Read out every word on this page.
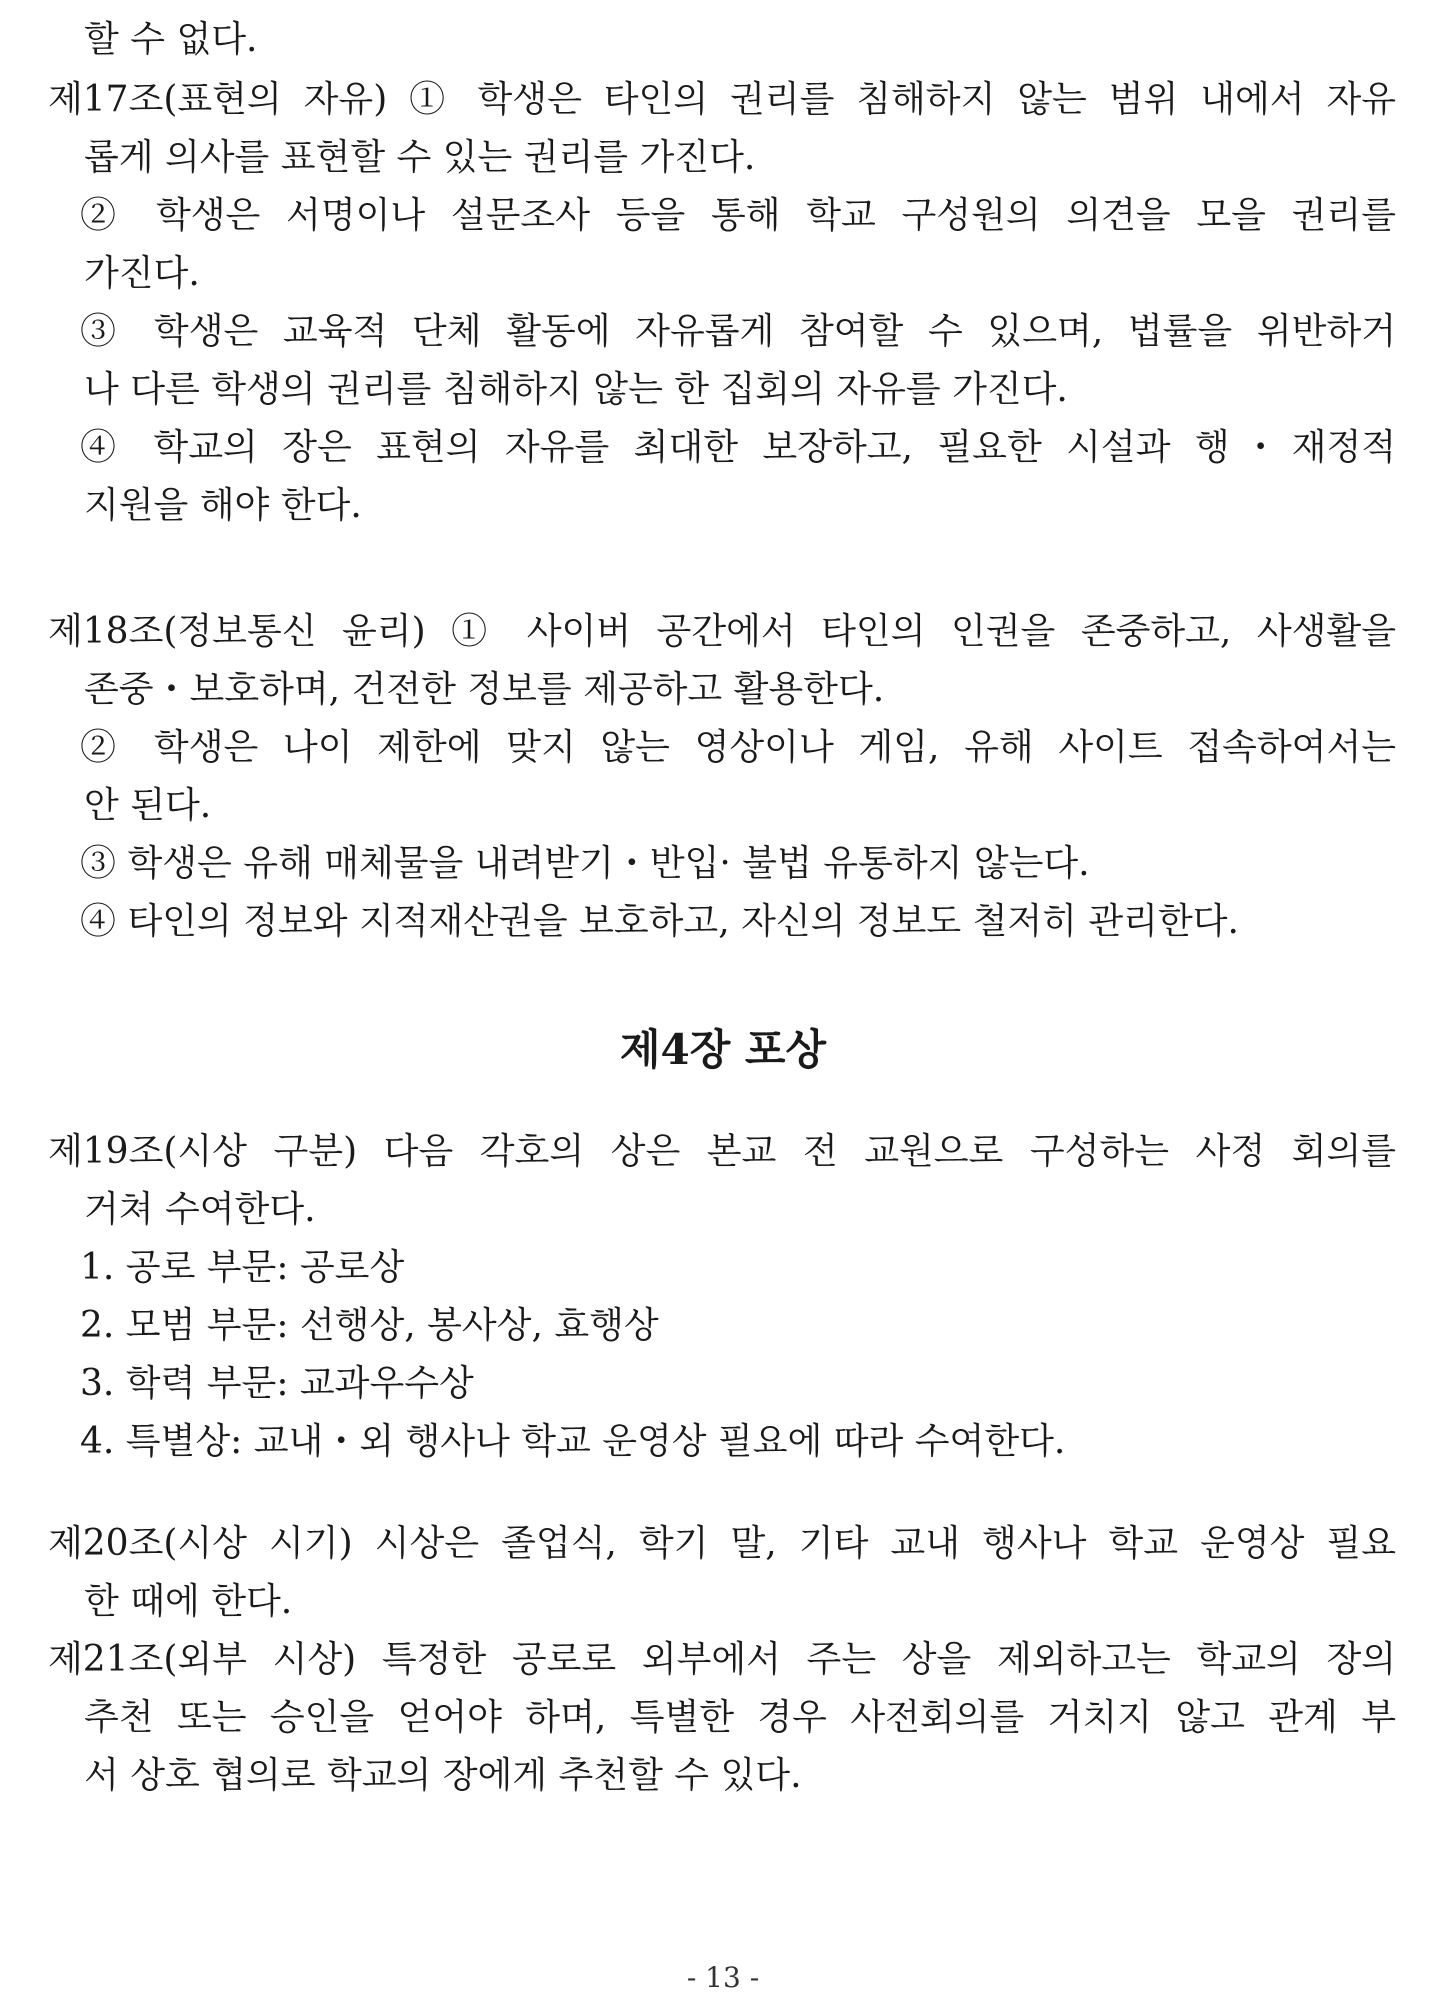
할 수 없다.
제17조(표현의 자유) ① 학생은 타인의 권리를 침해하지 않는 범위 내에서 자유
롭게 의사를 표현할 수 있는 권리를 가진다.
② 학생은 서명이나 설문조사 등을 통해 학교 구성원의 의견을 모을 권리를
가진다.
③ 학생은 교육적 단체 활동에 자유롭게 참여할 수 있으며, 법률을 위반하거
나 다른 학생의 권리를 침해하지 않는 한 집회의 자유를 가진다.
④ 학교의 장은 표현의 자유를 최대한 보장하고, 필요한 시설과 행・재정적
지원을 해야 한다.
제18조(정보통신 윤리) ① 사이버 공간에서 타인의 인권을 존중하고, 사생활을
존중・보호하며, 건전한 정보를 제공하고 활용한다.
② 학생은 나이 제한에 맞지 않는 영상이나 게임, 유해 사이트 접속하여서는
안 된다.
③ 학생은 유해 매체물을 내려받기・반입· 불법 유통하지 않는다.
④ 타인의 정보와 지적재산권을 보호하고, 자신의 정보도 철저히 관리한다.
제4장 포상
제19조(시상 구분) 다음 각호의 상은 본교 전 교원으로 구성하는 사정 회의를
거쳐 수여한다.
1. 공로 부문: 공로상
2. 모범 부문: 선행상, 봉사상, 효행상
3. 학력 부문: 교과우수상
4. 특별상: 교내・외 행사나 학교 운영상 필요에 따라 수여한다.
제20조(시상 시기) 시상은 졸업식, 학기 말, 기타 교내 행사나 학교 운영상 필요
한 때에 한다.
제21조(외부 시상) 특정한 공로로 외부에서 주는 상을 제외하고는 학교의 장의
추천 또는 승인을 얻어야 하며, 특별한 경우 사전회의를 거치지 않고 관계 부
서 상호 협의로 학교의 장에게 추천할 수 있다.
- 13 -
